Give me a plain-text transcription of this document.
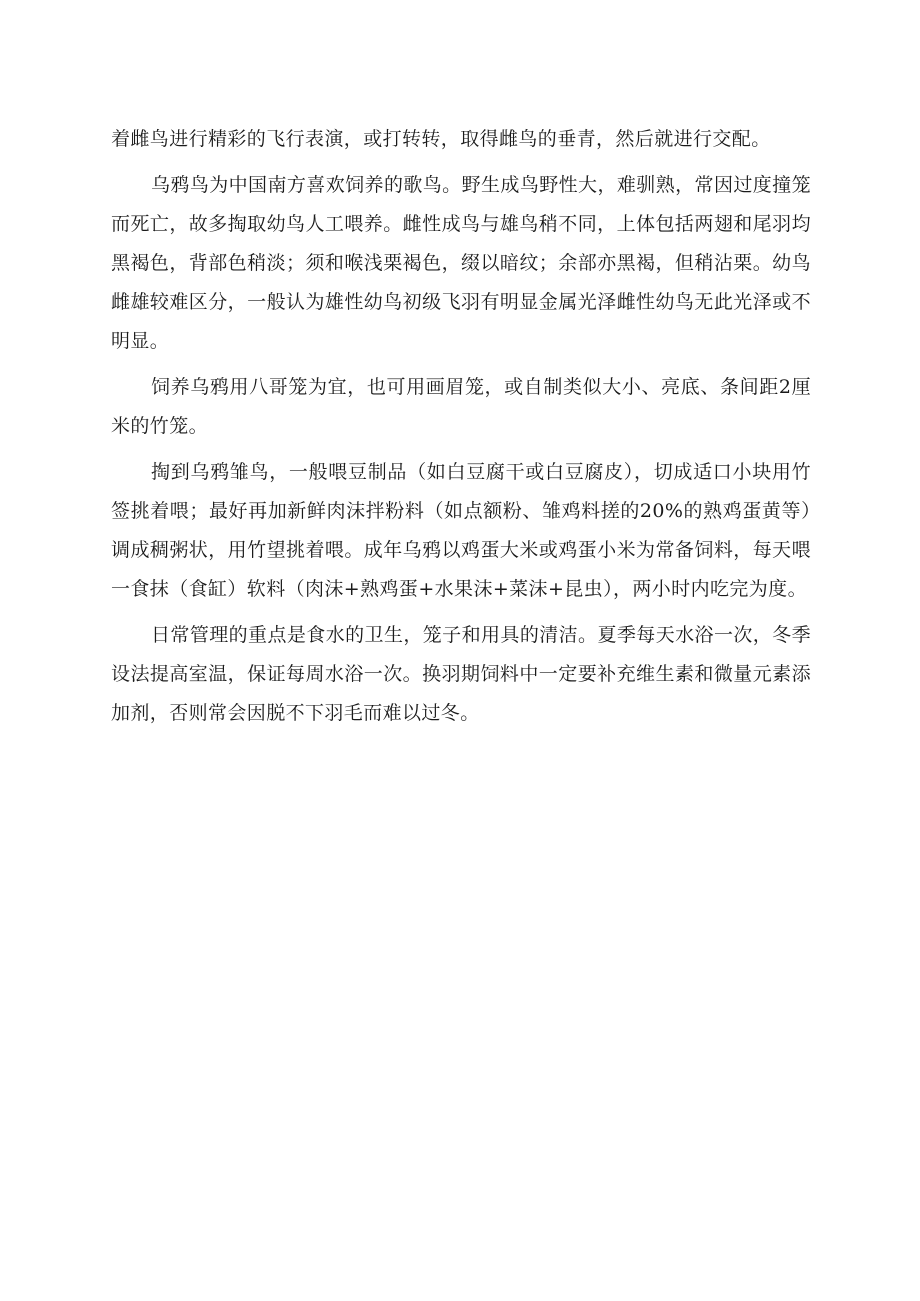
着雌鸟进行精彩的飞行表演，或打转转，取得雌鸟的垂青，然后就进行交配。

乌鸦鸟为中国南方喜欢饲养的歌鸟。野生成鸟野性大，难驯熟，常因过度撞笼而死亡，故多掏取幼鸟人工喂养。雌性成鸟与雄鸟稍不同，上体包括两翅和尾羽均黑褐色，背部色稍淡；须和喉浅栗褐色，缀以暗纹；余部亦黑褐，但稍沾栗。幼鸟雌雄较难区分，一般认为雄性幼鸟初级飞羽有明显金属光泽雌性幼鸟无此光泽或不明显。

饲养乌鸦用八哥笼为宜，也可用画眉笼，或自制类似大小、亮底、条间距2厘米的竹笼。

掏到乌鸦雏鸟，一般喂豆制品（如白豆腐干或白豆腐皮），切成适口小块用竹签挑着喂；最好再加新鲜肉沫拌粉料（如点额粉、雏鸡料搓的20%的熟鸡蛋黄等）调成稠粥状，用竹望挑着喂。成年乌鸦以鸡蛋大米或鸡蛋小米为常备饲料，每天喂一食抹（食缸）软料（肉沫+熟鸡蛋+水果沫+菜沫+昆虫），两小时内吃完为度。

日常管理的重点是食水的卫生，笼子和用具的清洁。夏季每天水浴一次，冬季设法提高室温，保证每周水浴一次。换羽期饲料中一定要补充维生素和微量元素添加剂，否则常会因脱不下羽毛而难以过冬。
